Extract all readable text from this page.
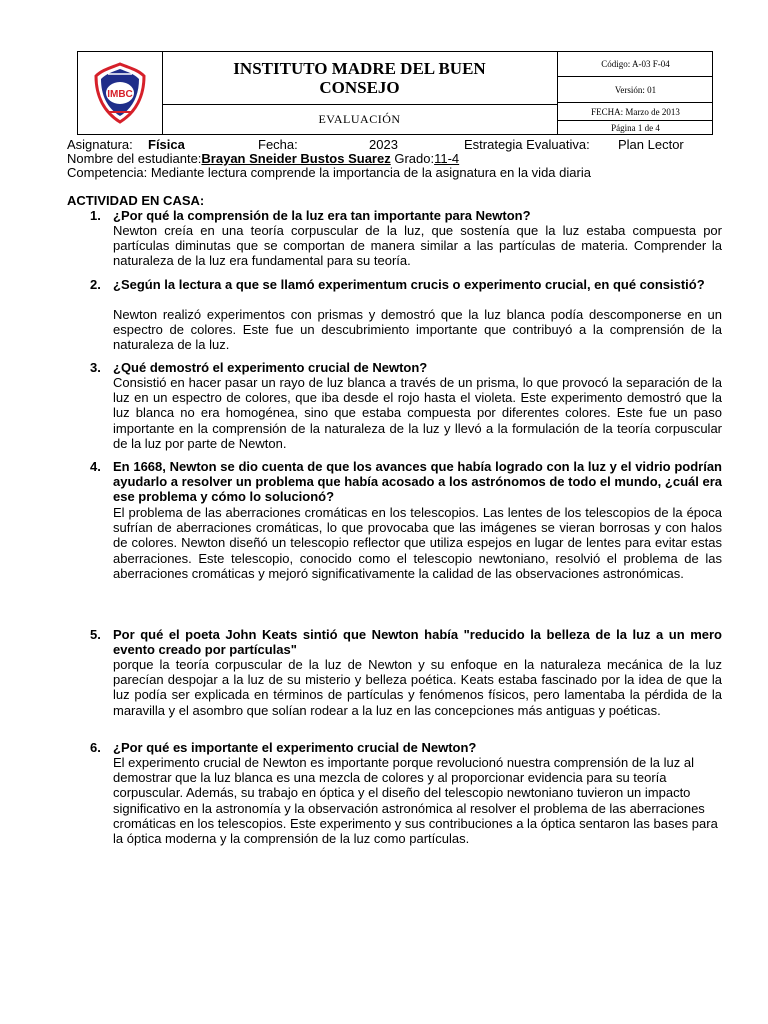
IMBC
INSTITUTO MADRE DEL BUEN CONSEJO
EVALUACIÓN
Código: A-03 F-04
Versión: 01
FECHA: Marzo de 2013
Página 1 de 4
Asignatura: Física	Fecha:	2023	Estrategia Evaluativa: Plan Lector
Nombre del estudiante:Brayan Sneider Bustos Suarez Grado:11-4
Competencia: Mediante lectura comprende la importancia de la asignatura en la vida diaria
ACTIVIDAD EN CASA:
1. ¿Por qué la comprensión de la luz era tan importante para Newton?
Newton creía en una teoría corpuscular de la luz, que sostenía que la luz estaba compuesta por partículas diminutas que se comportan de manera similar a las partículas de materia. Comprender la naturaleza de la luz era fundamental para su teoría.
2. ¿Según la lectura a que se llamó experimentum crucis o experimento crucial, en qué consistió?
Newton realizó experimentos con prismas y demostró que la luz blanca podía descomponerse en un espectro de colores. Este fue un descubrimiento importante que contribuyó a la comprensión de la naturaleza de la luz.
3. ¿Qué demostró el experimento crucial de Newton?
Consistió en hacer pasar un rayo de luz blanca a través de un prisma, lo que provocó la separación de la luz en un espectro de colores, que iba desde el rojo hasta el violeta. Este experimento demostró que la luz blanca no era homogénea, sino que estaba compuesta por diferentes colores. Este fue un paso importante en la comprensión de la naturaleza de la luz y llevó a la formulación de la teoría corpuscular de la luz por parte de Newton.
4. En 1668, Newton se dio cuenta de que los avances que había logrado con la luz y el vidrio podrían ayudarlo a resolver un problema que había acosado a los astrónomos de todo el mundo, ¿cuál era ese problema y cómo lo solucionó?
El problema de las aberraciones cromáticas en los telescopios. Las lentes de los telescopios de la época sufrían de aberraciones cromáticas, lo que provocaba que las imágenes se vieran borrosas y con halos de colores. Newton diseñó un telescopio reflector que utiliza espejos en lugar de lentes para evitar estas aberraciones. Este telescopio, conocido como el telescopio newtoniano, resolvió el problema de las aberraciones cromáticas y mejoró significativamente la calidad de las observaciones astronómicas.
5. Por qué el poeta John Keats sintió que Newton había "reducido la belleza de la luz a un mero evento creado por partículas"
porque la teoría corpuscular de la luz de Newton y su enfoque en la naturaleza mecánica de la luz parecían despojar a la luz de su misterio y belleza poética. Keats estaba fascinado por la idea de que la luz podía ser explicada en términos de partículas y fenómenos físicos, pero lamentaba la pérdida de la maravilla y el asombro que solían rodear a la luz en las concepciones más antiguas y poéticas.
6. ¿Por qué es importante el experimento crucial de Newton?
El experimento crucial de Newton es importante porque revolucionó nuestra comprensión de la luz al demostrar que la luz blanca es una mezcla de colores y al proporcionar evidencia para su teoría corpuscular. Además, su trabajo en óptica y el diseño del telescopio newtoniano tuvieron un impacto significativo en la astronomía y la observación astronómica al resolver el problema de las aberraciones cromáticas en los telescopios. Este experimento y sus contribuciones a la óptica sentaron las bases para la óptica moderna y la comprensión de la luz como partículas.
